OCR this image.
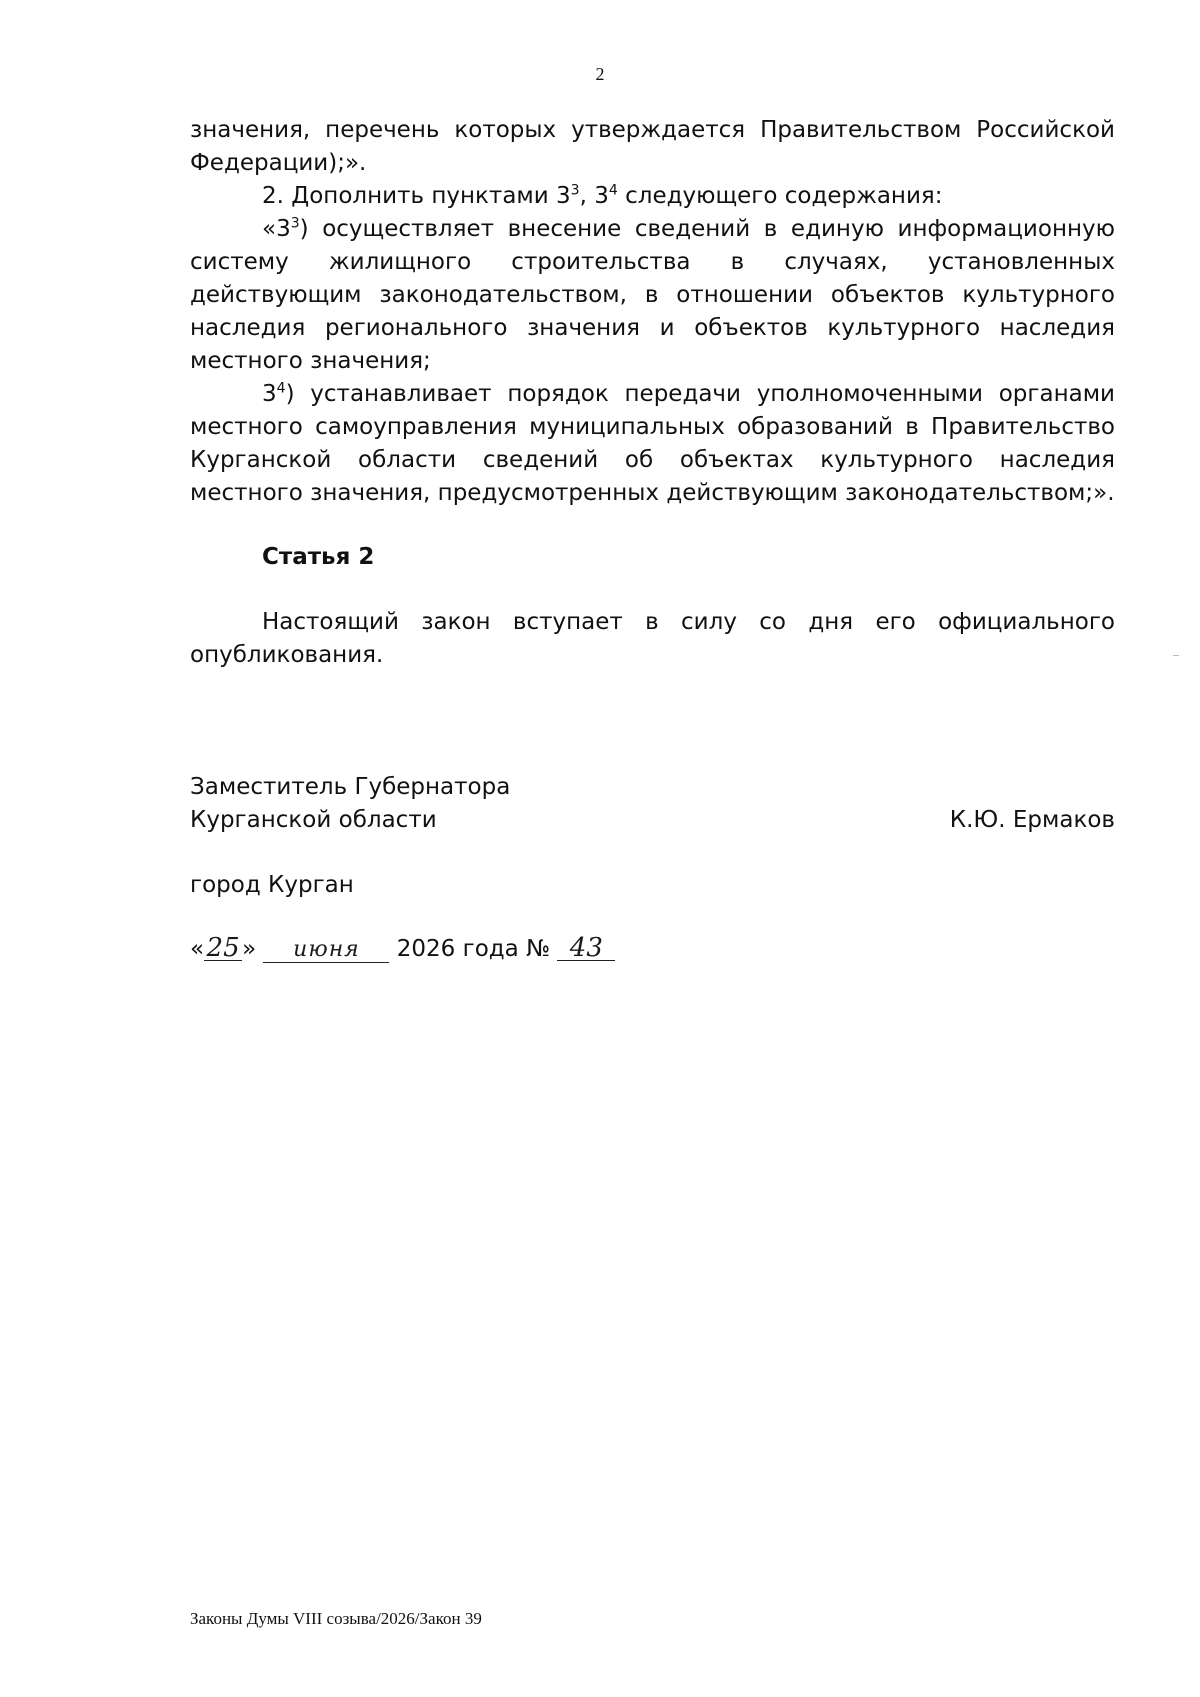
2

значения, перечень которых утверждается Правительством Российской Федерации);».

2. Дополнить пунктами $3^3$, $3^4$ следующего содержания:

«$3^3$) осуществляет внесение сведений в единую информационную систему жилищного строительства в случаях, установленных действующим законодательством, в отношении объектов культурного наследия регионального значения и объектов культурного наследия местного значения;

$3^4$) устанавливает порядок передачи уполномоченными органами местного самоуправления муниципальных образований в Правительство Курганской области сведений об объектах культурного наследия местного значения, предусмотренных действующим законодательством;».

Статья 2

Настоящий закон вступает в силу со дня его официального опубликования.

Заместитель Губернатора
Курганской области	К.Ю. Ермаков
город Курган
«25 » июня 2026 года № 43
Законы Думы VIII созыва/2026/Закон 39
